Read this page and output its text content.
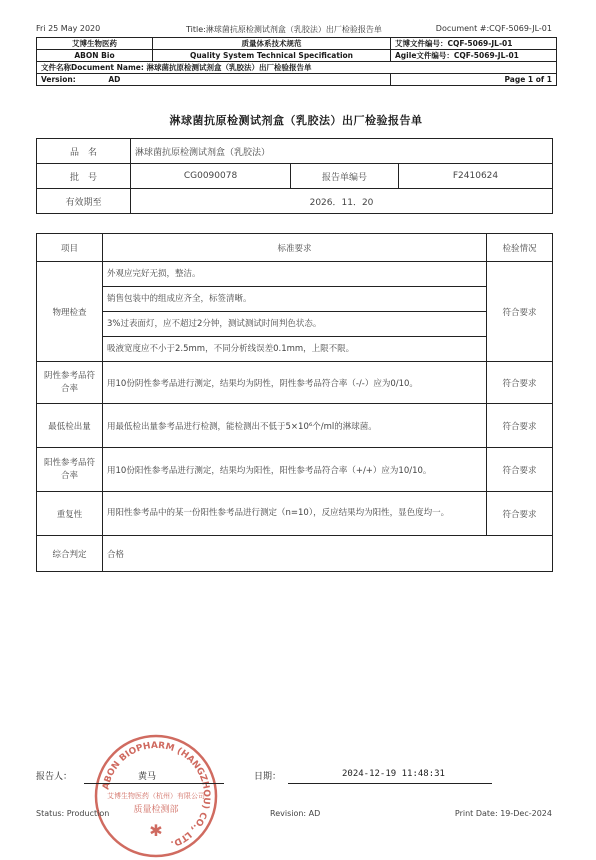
Fri 25 May 2020	Title:淋球菌抗原检测试剂盒（乳胶法）出厂检验报告单	Document #:CQF-5069-JL-01
艾博生物医药	质量体系技术规范	艾博文件编号：CQF-5069-JL-01
ABON Bio	Quality System Technical Specification	Agile文件编号：CQF-5069-JL-01
文件名称Document Name: 淋球菌抗原检测试剂盒（乳胶法）出厂检验报告单		
Version: AD		Page 1 of 1
淋球菌抗原检测试剂盒（乳胶法）出厂检验报告单
品　名	淋球菌抗原检测试剂盒（乳胶法）		
批　号	CG0090078	报告单编号	F2410624
有效期至	2026．11．20		
项目	标准要求	检验情况
物理检查	外观应完好无损，整洁。
销售包装中的组成应齐全，标签清晰。
3%过表面灯，应不超过2分钟，测试测试时间判色状态。
吸液宽度应不小于2.5mm，不同分析线误差0.1mm，上限不限。	符合要求
阴性参考品符合率	用10份阴性参考品进行测定，结果均为阴性，阴性参考品符合率（-/-）应为0/10。	符合要求
最低检出量	用最低检出量参考品进行检测，能检测出不低于5×10⁶个/ml的淋球菌。	符合要求
阳性参考品符合率	用10份阳性参考品进行测定，结果均为阳性，阳性参考品符合率（+/+）应为10/10。	符合要求
重复性	用阳性参考品中的某一份阳性参考品进行测定（n=10），反应结果均为阳性，显色度均一。	符合要求
综合判定	合格	
ABON BIOPHARM (HANGZHOU) CO., LTD.
艾博生物医药（杭州）有限公司
质量检测部
✱
报告人：	黄马	日期：	2024-12-19 11:48:31
Status: Production	Revision: AD	Print Date: 19-Dec-2024
